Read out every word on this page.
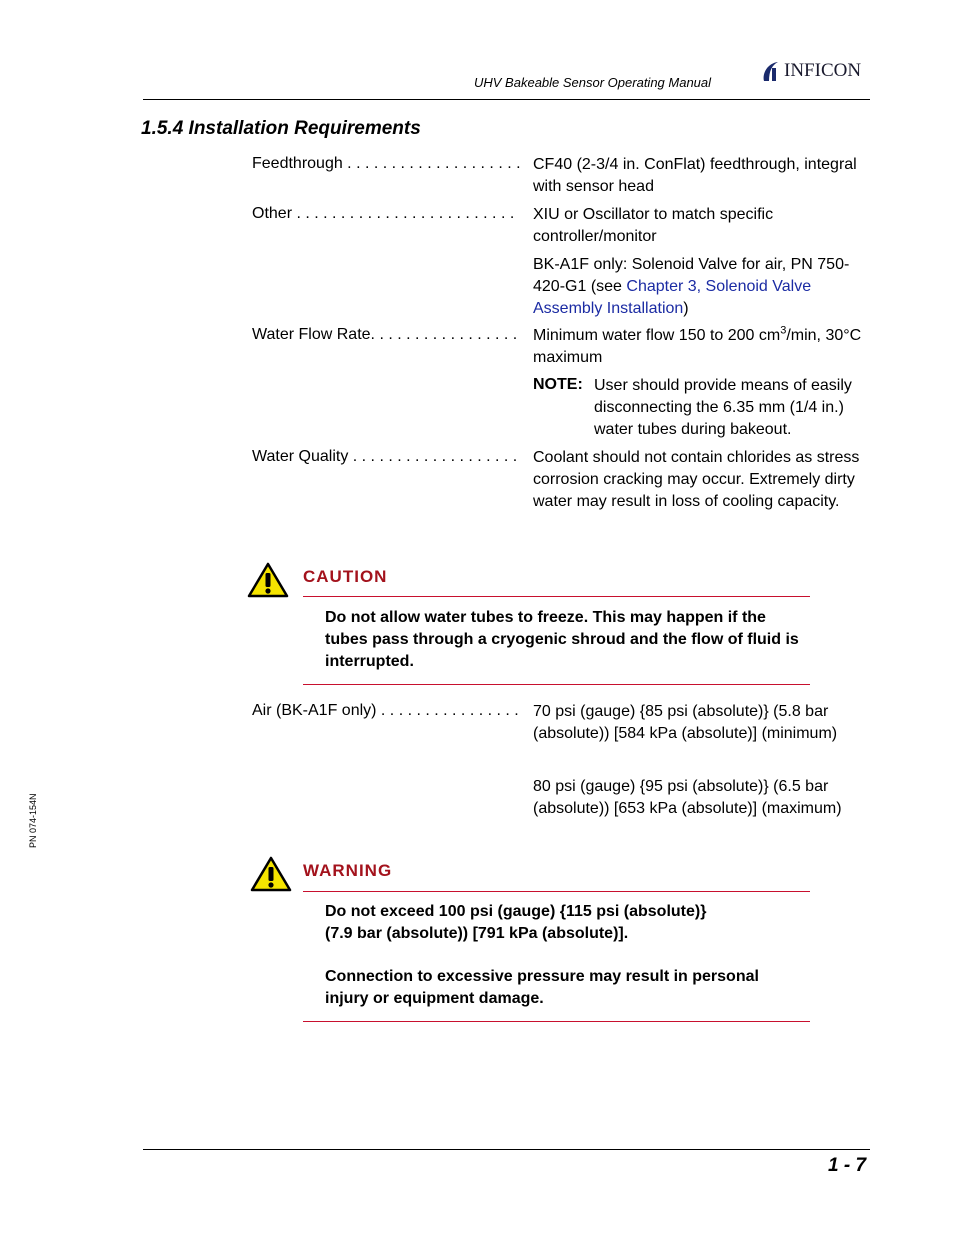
UHV Bakeable Sensor Operating Manual
INFICON
1.5.4 Installation Requirements
Feedthrough . . . . . . . . . . . . . . . . . . . . CF40 (2-3/4 in. ConFlat) feedthrough, integral with sensor head
Other . . . . . . . . . . . . . . . . . . . . . . . . .	XIU or Oscillator to match specific controller/monitor
BK-A1F only: Solenoid Valve for air, PN 750-420-G1 (see Chapter 3, Solenoid Valve Assembly Installation)
Water Flow Rate. . . . . . . . . . . . . . . . . Minimum water flow 150 to 200 $cm^3/\min$, 30°C maximum
NOTE: User should provide means of easily disconnecting the 6.35 mm (1/4 in.) water tubes during bakeout.
Water Quality . . . . . . . . . . . . . . . . . . . Coolant should not contain chlorides as stress corrosion cracking may occur. Extremely dirty water may result in loss of cooling capacity.
CAUTION
Do not allow water tubes to freeze. This may happen if the tubes pass through a cryogenic shroud and the flow of fluid is interrupted.
Air (BK-A1F only) . . . . . . . . . . . . . . . . 70 psi (gauge) {85 psi (absolute)} (5.8 bar (absolute)) [584 kPa (absolute)] (minimum)
80 psi (gauge) {95 psi (absolute)} (6.5 bar (absolute)) [653 kPa (absolute)] (maximum)
WARNING
Do not exceed 100 psi (gauge) {115 psi (absolute)}
(7.9 bar (absolute)) [791 kPa (absolute)].
Connection to excessive pressure may result in personal injury or equipment damage.
PN 074-154N
1 - 7
